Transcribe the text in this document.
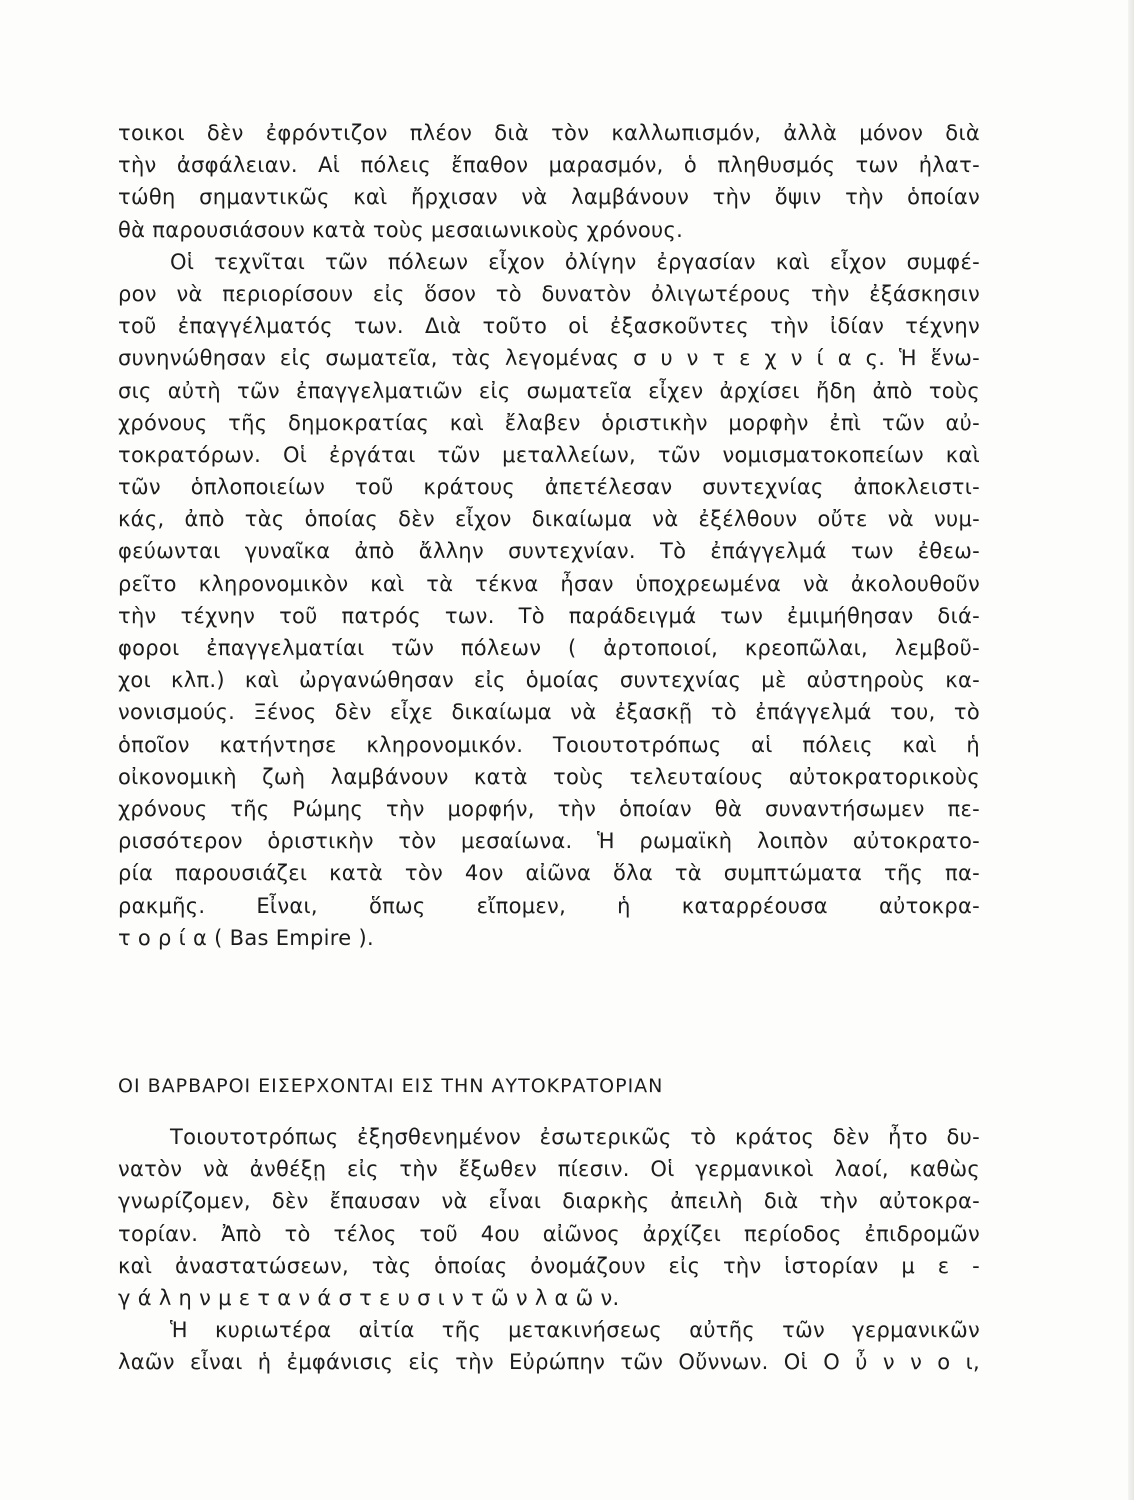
τοικοι δὲν ἐφρόντιζον πλέον διὰ τὸν καλλωπισμόν, ἀλλὰ μόνον διὰ
τὴν ἀσφάλειαν. Αἱ πόλεις ἔπαθον μαρασμόν, ὁ πληθυσμός των ἠλατ-
τώθη σημαντικῶς καὶ ἤρχισαν νὰ λαμβάνουν τὴν ὄψιν τὴν ὁποίαν
θὰ παρουσιάσουν κατὰ τοὺς μεσαιωνικοὺς χρόνους.
Οἱ τεχνῖται τῶν πόλεων εἶχον ὀλίγην ἐργασίαν καὶ εἶχον συμφέ-
ρον νὰ περιορίσουν εἰς ὅσον τὸ δυνατὸν ὀλιγωτέρους τὴν ἐξάσκησιν
τοῦ ἐπαγγέλματός των. Διὰ τοῦτο οἱ ἐξασκοῦντες τὴν ἰδίαν τέχνην
συνηνώθησαν εἰς σωματεῖα, τὰς λεγομένας σ υ ν τ ε χ ν ί α ς. Ἡ ἕνω-
σις αὐτὴ τῶν ἐπαγγελματιῶν εἰς σωματεῖα εἶχεν ἀρχίσει ἤδη ἀπὸ τοὺς
χρόνους τῆς δημοκρατίας καὶ ἔλαβεν ὁριστικὴν μορφὴν ἐπὶ τῶν αὐ-
τοκρατόρων. Οἱ ἐργάται τῶν μεταλλείων, τῶν νομισματοκοπείων καὶ
τῶν ὁπλοποιείων τοῦ κράτους ἀπετέλεσαν συντεχνίας ἀποκλειστι-
κάς, ἀπὸ τὰς ὁποίας δὲν εἶχον δικαίωμα νὰ ἐξέλθουν οὔτε νὰ νυμ-
φεύωνται γυναῖκα ἀπὸ ἄλλην συντεχνίαν. Τὸ ἐπάγγελμά των ἐθεω-
ρεῖτο κληρονομικὸν καὶ τὰ τέκνα ἦσαν ὑποχρεωμένα νὰ ἀκολουθοῦν
τὴν τέχνην τοῦ πατρός των. Τὸ παράδειγμά των ἐμιμήθησαν διά-
φοροι ἐπαγγελματίαι τῶν πόλεων ( ἀρτοποιοί, κρεοπῶλαι, λεμβοῦ-
χοι κλπ.) καὶ ὠργανώθησαν εἰς ὁμοίας συντεχνίας μὲ αὐστηροὺς κα-
νονισμούς. Ξένος δὲν εἶχε δικαίωμα νὰ ἐξασκῇ τὸ ἐπάγγελμά του, τὸ
ὁποῖον κατήντησε κληρονομικόν. Τοιουτοτρόπως αἱ πόλεις καὶ ἡ
οἰκονομικὴ ζωὴ λαμβάνουν κατὰ τοὺς τελευταίους αὐτοκρατορικοὺς
χρόνους τῆς Ρώμης τὴν μορφήν, τὴν ὁποίαν θὰ συναντήσωμεν πε-
ρισσότερον ὁριστικὴν τὸν μεσαίωνα. Ἡ ρωμαϊκὴ λοιπὸν αὐτοκρατο-
ρία παρουσιάζει κατὰ τὸν 4ον αἰῶνα ὅλα τὰ συμπτώματα τῆς πα-
ρακμῆς. Εἶναι, ὅπως εἴπομεν, ἡ καταρρέουσα αὐτοκρα-
τ ο ρ ί α ( Bas Empire ).
ΟΙ ΒΑΡΒΑΡΟΙ ΕΙΣΕΡΧΟΝΤΑΙ ΕΙΣ ΤΗΝ ΑΥΤΟΚΡΑΤΟΡΙΑΝ
Τοιουτοτρόπως ἐξησθενημένον ἐσωτερικῶς τὸ κράτος δὲν ἦτο δυ-
νατὸν νὰ ἀνθέξῃ εἰς τὴν ἔξωθεν πίεσιν. Οἱ γερμανικοὶ λαοί, καθὼς
γνωρίζομεν, δὲν ἔπαυσαν νὰ εἶναι διαρκὴς ἀπειλὴ διὰ τὴν αὐτοκρα-
τορίαν. Ἀπὸ τὸ τέλος τοῦ 4ου αἰῶνος ἀρχίζει περίοδος ἐπιδρομῶν
καὶ ἀναστατώσεων, τὰς ὁποίας ὀνομάζουν εἰς τὴν ἱστορίαν μ ε -
γ ά λ η ν μ ε τ α ν ά σ τ ε υ σ ι ν τ ῶ ν λ α ῶ ν.
Ἡ κυριωτέρα αἰτία τῆς μετακινήσεως αὐτῆς τῶν γερμανικῶν
λαῶν εἶναι ἡ ἐμφάνισις εἰς τὴν Εὐρώπην τῶν Οὔννων. Οἱ Ο ὖ ν ν ο ι,
